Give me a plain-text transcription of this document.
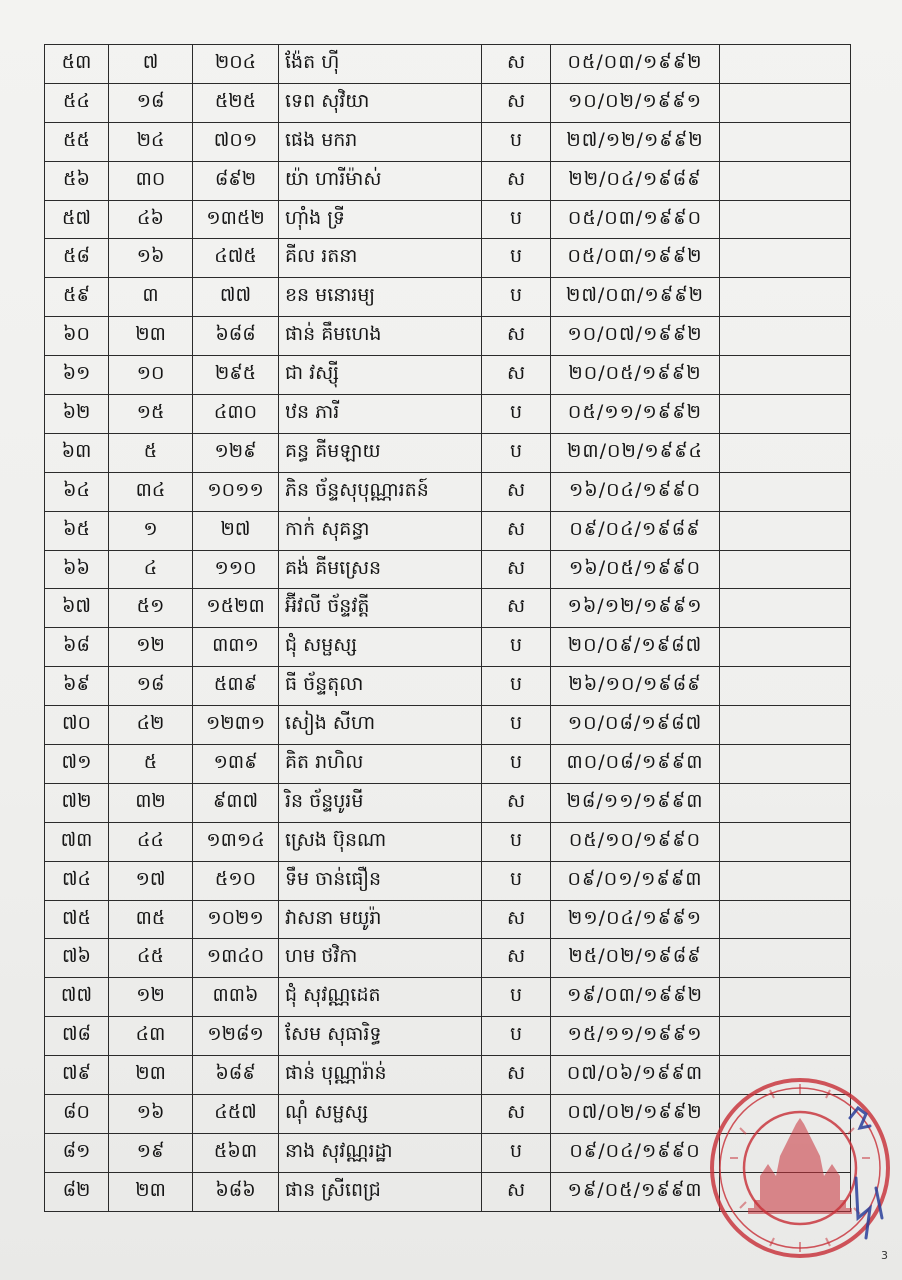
៥៣	៧	២០៤	ង៉ែត ហ៊ី	ស	០៥/០៣/១៩៩២	
៥៤	១៨	៥២៥	ទេព សុវិយា	ស	១០/០២/១៩៩១	
៥៥	២៤	៧០១	ផេង មករា	ប	២៧/១២/១៩៩២	
៥៦	៣០	៨៩២	យ៉ា ហារីម៉ាស់	ស	២២/០៤/១៩៨៩	
៥៧	៤៦	១៣៥២	ហ៊ាំង ទ្រី	ប	០៥/០៣/១៩៩០	
៥៨	១៦	៤៧៥	គីល រតនា	ប	០៥/០៣/១៩៩២	
៥៩	៣	៧៧	ខន មនោរម្យ	ប	២៧/០៣/១៩៩២	
៦០	២៣	៦៨៨	ផាន់ គឹមហេង	ស	១០/០៧/១៩៩២	
៦១	១០	២៩៥	ជា វស្ស៊ី	ស	២០/០៥/១៩៩២	
៦២	១៥	៤៣០	ឋន ភារី	ប	០៥/១១/១៩៩២	
៦៣	៥	១២៩	គន្ធ គីមឡាយ	ប	២៣/០២/១៩៩៤	
៦៤	៣៤	១០១១	ភិន ច័ន្ទសុបុណ្ណារតន៍	ស	១៦/០៤/១៩៩០	
៦៥	១	២៧	កាក់ សុគន្ធា	ស	០៩/០៤/១៩៨៩	
៦៦	៤	១១០	គង់ គីមស្រេន	ស	១៦/០៥/១៩៩០	
៦៧	៥១	១៥២៣	អ៊ីវលី ច័ន្ទវត្តី	ស	១៦/១២/១៩៩១	
៦៨	១២	៣៣១	ជុំ សម្ផស្ស	ប	២០/០៩/១៩៨៧	
៦៩	១៨	៥៣៩	ធី ច័ន្ទតុលា	ប	២៦/១០/១៩៨៩	
៧០	៤២	១២៣១	សៀង សីហា	ប	១០/០៨/១៩៨៧	
៧១	៥	១៣៩	គិត រាហិល	ប	៣០/០៨/១៩៩៣	
៧២	៣២	៩៣៧	រិន ច័ន្ទបូរមី	ស	២៨/១១/១៩៩៣	
៧៣	៤៤	១៣១៤	ស្រេង ប៊ុនណា	ប	០៥/១០/១៩៩០	
៧៤	១៧	៥១០	ទឹម ចាន់ធឿន	ប	០៩/០១/១៩៩៣	
៧៥	៣៥	១០២១	វាសនា មយូរ៉ា	ស	២១/០៤/១៩៩១	
៧៦	៤៥	១៣៤០	ហម ថវិកា	ស	២៥/០២/១៩៨៩	
៧៧	១២	៣៣៦	ជុំ សុវណ្ណដេត	ប	១៩/០៣/១៩៩២	
៧៨	៤៣	១២៨១	សែម សុធារិទ្ធ	ប	១៥/១១/១៩៩១	
៧៩	២៣	៦៨៩	ផាន់ បុណ្ណារ៉ាន់	ស	០៧/០៦/១៩៩៣	
៨០	១៦	៤៥៧	ណុំ សម្ផស្ស	ស	០៧/០២/១៩៩២	
៨១	១៩	៥៦៣	នាង សុវណ្ណរដ្ឋា	ប	០៩/០៤/១៩៩០	
៨២	២៣	៦៨៦	ផាន ស្រីពេជ្រ	ស	១៩/០៥/១៩៩៣	
3
